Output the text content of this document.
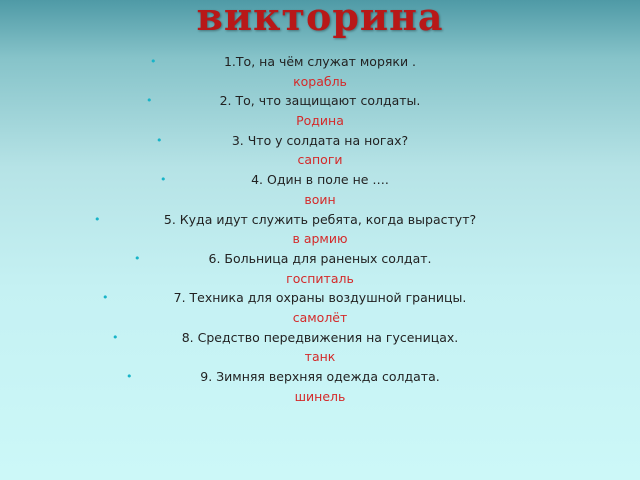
викторина
•	1.То, на чём служат моряки .
корабль
•	2. То, что защищают солдаты.
Родина
•	3. Что у солдата на ногах?
сапоги
•	4. Один в поле не ….
воин
•	5. Куда идут служить ребята, когда вырастут?
в армию
•	6. Больница для раненых солдат.
госпиталь
•	7. Техника для охраны воздушной границы.
самолёт
•	8. Средство передвижения на гусеницах.
танк
•	9. Зимняя верхняя одежда солдата.
шинель
